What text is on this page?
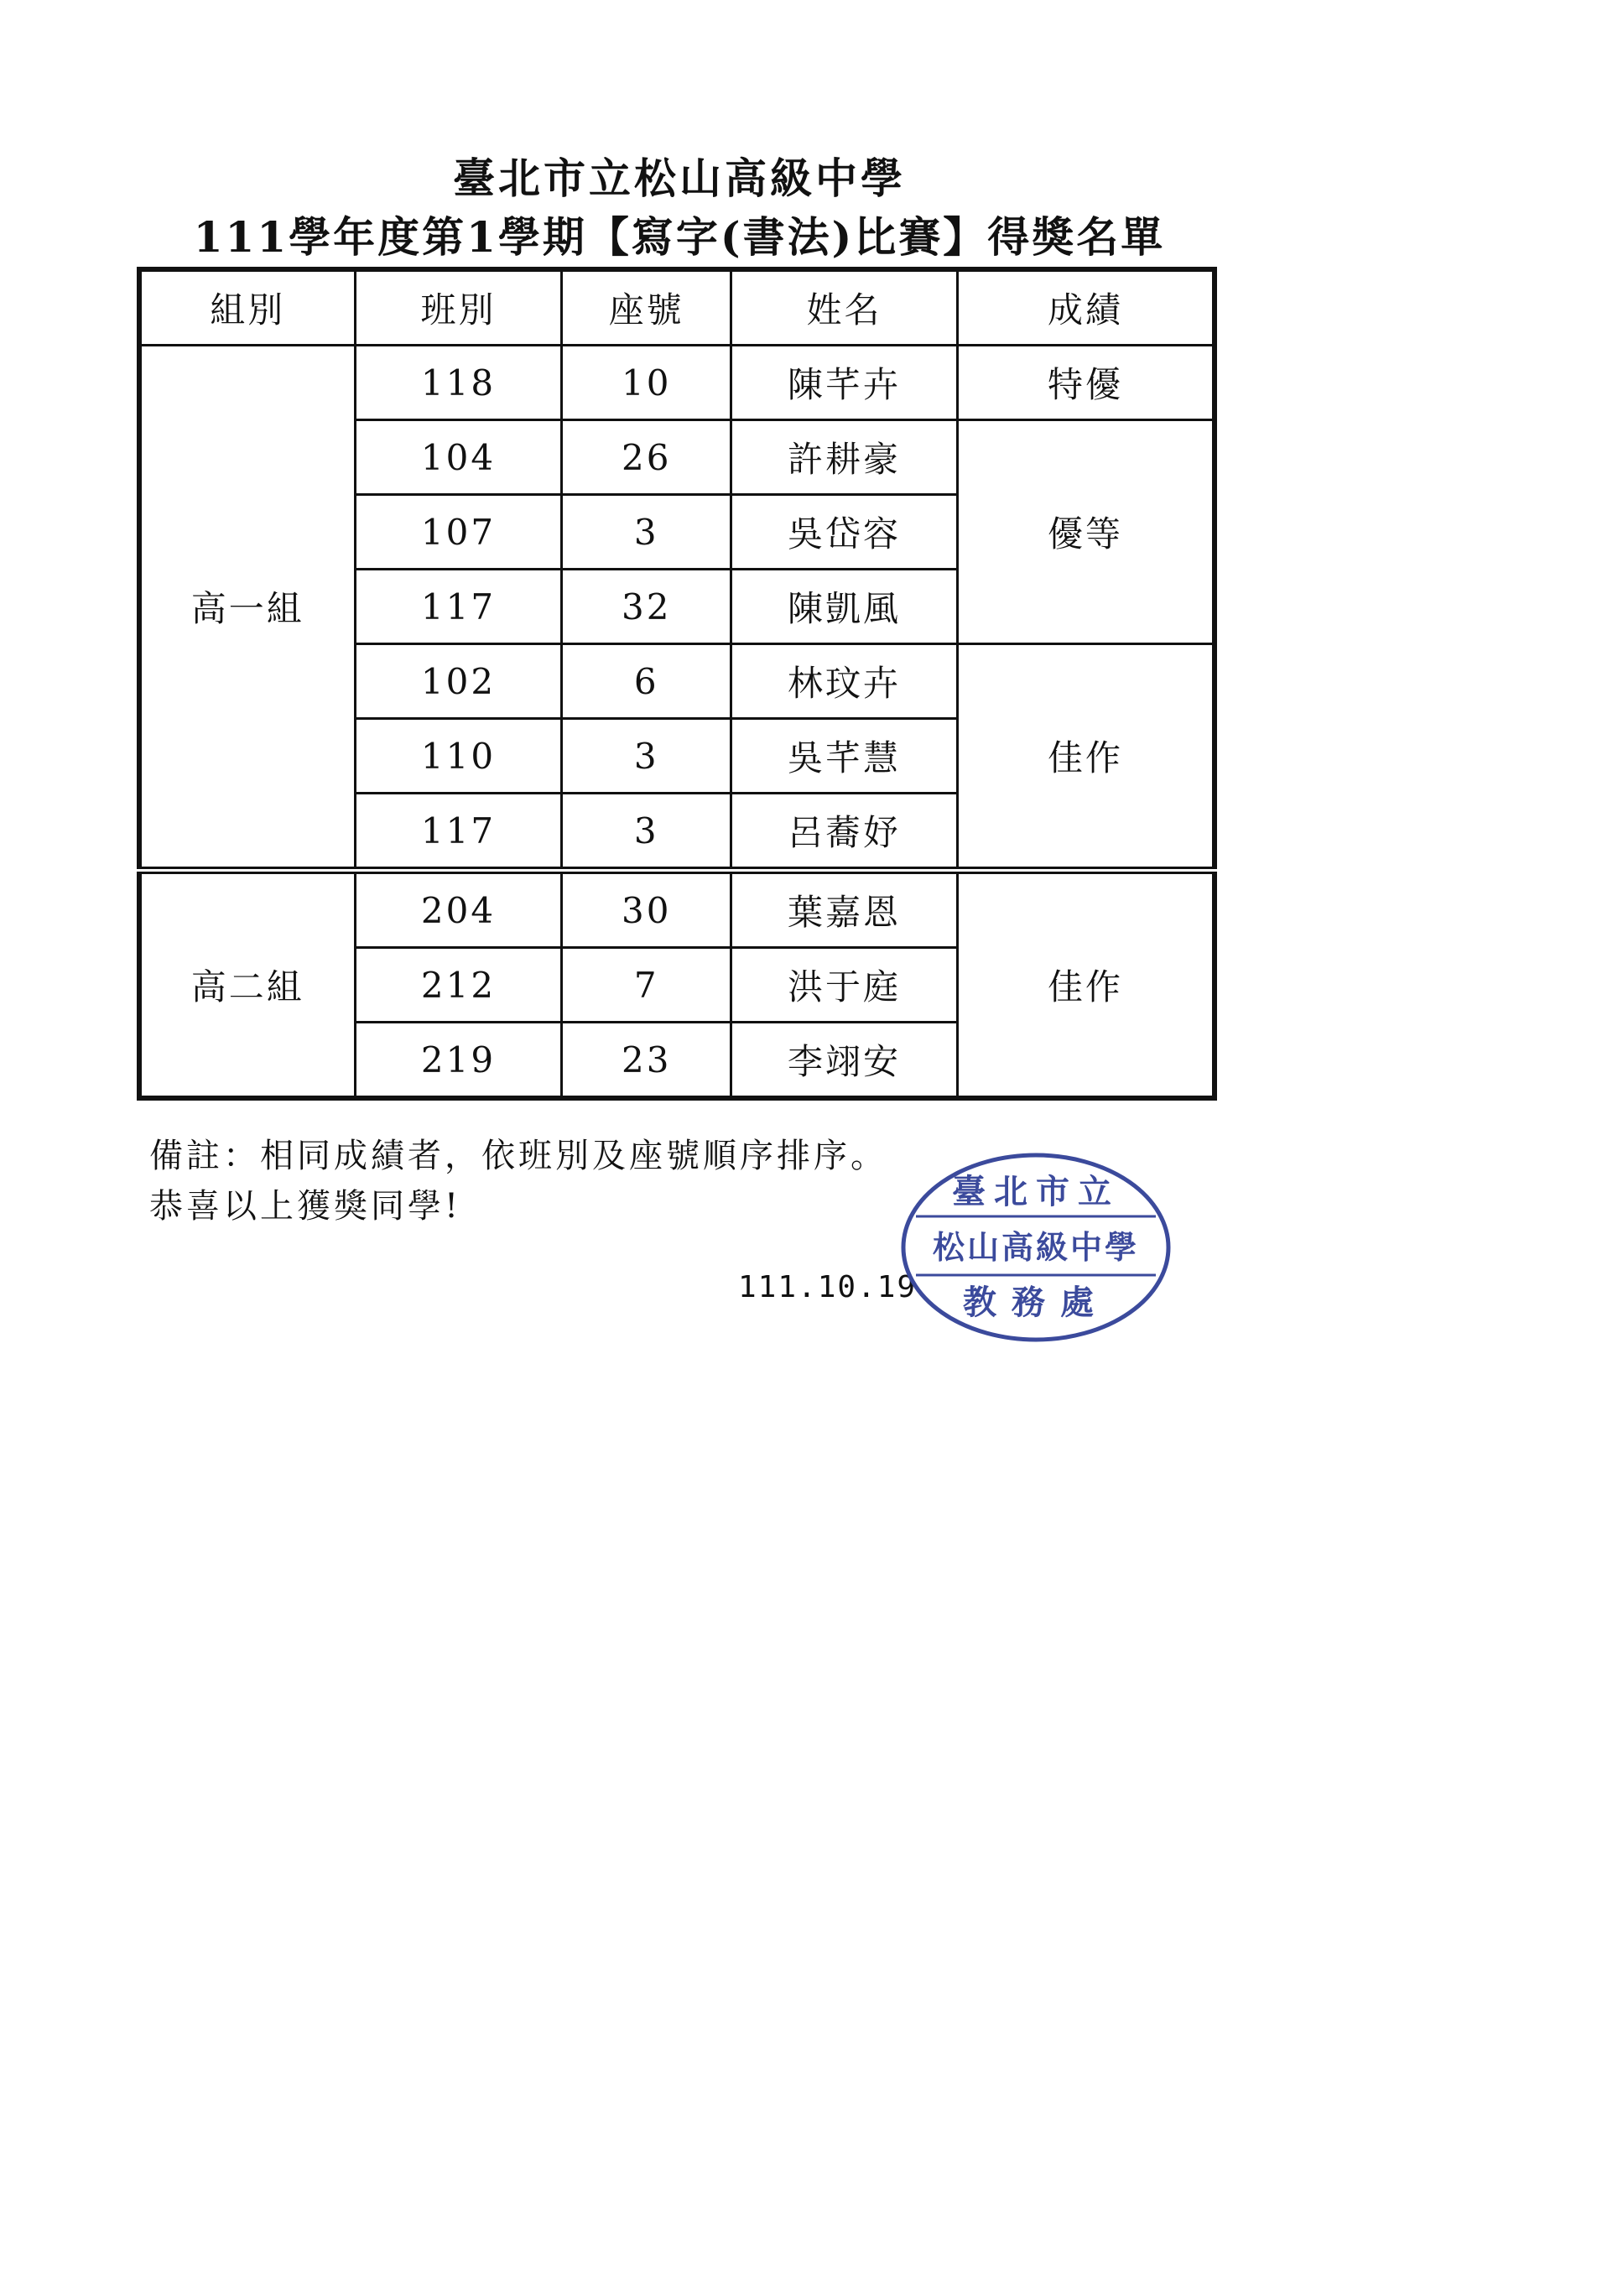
臺北市立松山高級中學
111學年度第1學期【寫字(書法)比賽】得獎名單
組別	班別	座號	姓名	成績
高一組	118	10	陳芊卉	特優
	104	26	許耕豪	優等
	107	3	吳岱容	
	117	32	陳凱風	
	102	6	林玟卉	佳作
	110	3	吳芊慧	
	117	3	呂蕎妤	
高二組	204	30	葉嘉恩	佳作
	212	7	洪于庭	
	219	23	李翊安	
備註：相同成績者，依班別及座號順序排序。
恭喜以上獲獎同學!
111.10.19
臺北市立
松山高級中學
教務處
